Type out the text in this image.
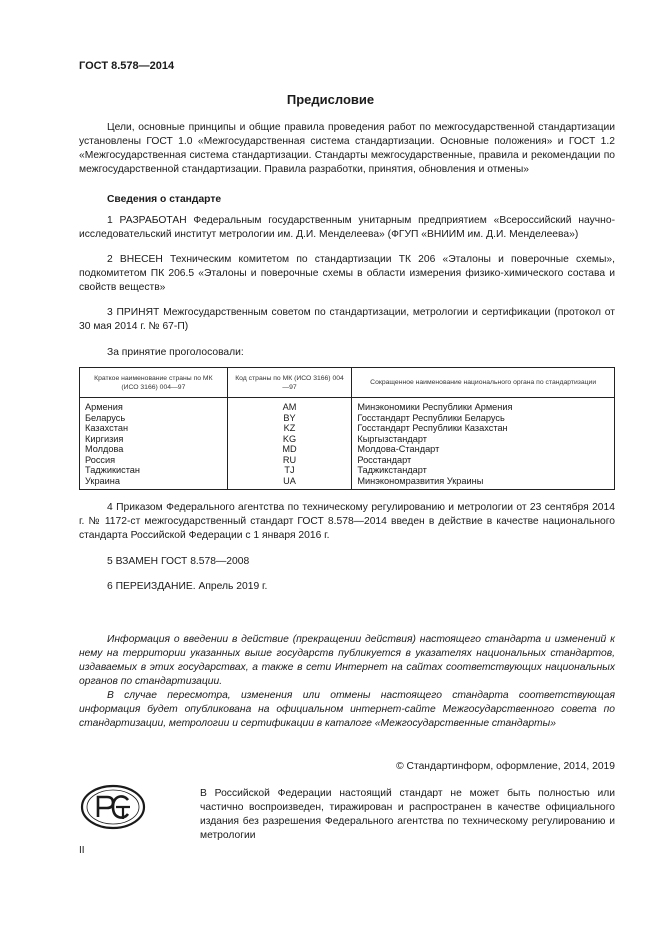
ГОСТ 8.578—2014
Предисловие

Цели, основные принципы и общие правила проведения работ по межгосударственной стандартизации установлены ГОСТ 1.0 «Межгосударственная система стандартизации. Основные положения» и ГОСТ 1.2 «Межгосударственная система стандартизации. Стандарты межгосударственные, правила и рекомендации по межгосударственной стандартизации. Правила разработки, принятия, обновления и отмены»

Сведения о стандарте

1 РАЗРАБОТАН Федеральным государственным унитарным предприятием «Всероссийский научно-исследовательский институт метрологии им. Д.И. Менделеева» (ФГУП «ВНИИМ им. Д.И. Менделеева»)

2 ВНЕСЕН Техническим комитетом по стандартизации ТК 206 «Эталоны и поверочные схемы», подкомитетом ПК 206.5 «Эталоны и поверочные схемы в области измерения физико-химического состава и свойств веществ»

3 ПРИНЯТ Межгосударственным советом по стандартизации, метрологии и сертификации (протокол от 30 мая 2014 г. № 67-П)

За принятие проголосовали:

Краткое наименование страны по МК (ИСО 3166) 004—97	Код страны по МК (ИСО 3166) 004—97	Сокращенное наименование национального органа по стандартизации
Армения	AM	Минэкономики Республики Армения
Беларусь	BY	Госстандарт Республики Беларусь
Казахстан	KZ	Госстандарт Республики Казахстан
Киргизия	KG	Кыргызстандарт
Молдова	MD	Молдова-Стандарт
Россия	RU	Росстандарт
Таджикистан	TJ	Таджикстандарт
Украина	UA	Минэкономразвития Украины

4 Приказом Федерального агентства по техническому регулированию и метрологии от 23 сентября 2014 г. № 1172-ст межгосударственный стандарт ГОСТ 8.578—2014 введен в действие в качестве национального стандарта Российской Федерации с 1 января 2016 г.

5 ВЗАМЕН ГОСТ 8.578—2008

6 ПЕРЕИЗДАНИЕ. Апрель 2019 г.

Информация о введении в действие (прекращении действия) настоящего стандарта и изменений к нему на территории указанных выше государств публикуется в указателях национальных стандартов, издаваемых в этих государствах, а также в сети Интернет на сайтах соответствующих национальных органов по стандартизации.

В случае пересмотра, изменения или отмены настоящего стандарта соответствующая информация будет опубликована на официальном интернет-сайте Межгосударственного совета по стандартизации, метрологии и сертификации в каталоге «Межгосударственные стандарты»

© Стандартинформ, оформление, 2014, 2019

В Российской Федерации настоящий стандарт не может быть полностью или частично воспроизведен, тиражирован и распространен в качестве официального издания без разрешения Федерального агентства по техническому регулированию и метрологии

II
